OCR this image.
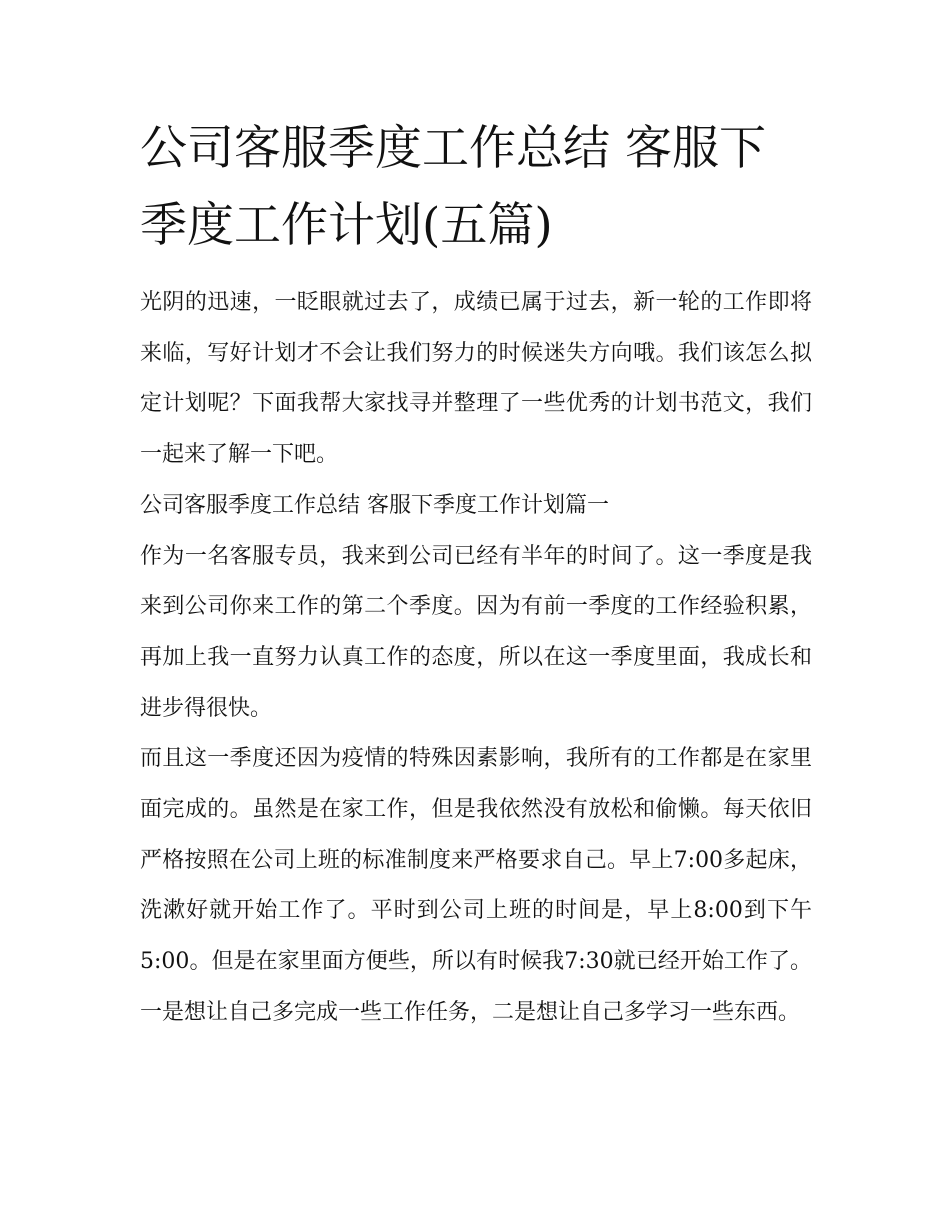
公司客服季度工作总结 客服下季度工作计划(五篇)

光阴的迅速，一眨眼就过去了，成绩已属于过去，新一轮的工作即将来临，写好计划才不会让我们努力的时候迷失方向哦。我们该怎么拟定计划呢？下面我帮大家找寻并整理了一些优秀的计划书范文，我们一起来了解一下吧。

公司客服季度工作总结 客服下季度工作计划篇一

作为一名客服专员，我来到公司已经有半年的时间了。这一季度是我来到公司你来工作的第二个季度。因为有前一季度的工作经验积累，再加上我一直努力认真工作的态度，所以在这一季度里面，我成长和进步得很快。

而且这一季度还因为疫情的特殊因素影响，我所有的工作都是在家里面完成的。虽然是在家工作，但是我依然没有放松和偷懒。每天依旧严格按照在公司上班的标准制度来严格要求自己。早上7:00多起床，洗漱好就开始工作了。平时到公司上班的时间是，早上8:00到下午5:00。但是在家里面方便些，所以有时候我7:30就已经开始工作了。一是想让自己多完成一些工作任务，二是想让自己多学习一些东西。
